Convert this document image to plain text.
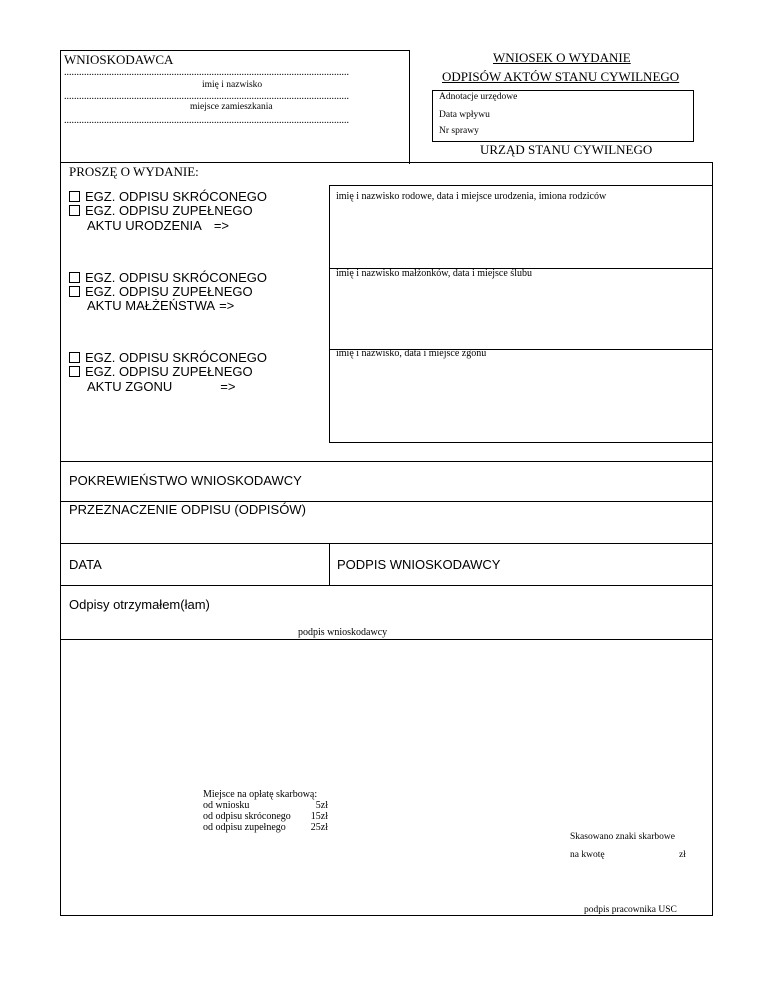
WNIOSKODAWCA
..................................................................................................................
imię i nazwisko
..................................................................................................................
miejsce zamieszkania
..................................................................................................................
WNIOSEK O WYDANIE
ODPISÓW AKTÓW STANU CYWILNEGO
Adnotacje urzędowe
Data wpływu
Nr sprawy
URZĄD STANU CYWILNEGO
PROSZĘ O WYDANIE:
EGZ. ODPISU SKRÓCONEGO
EGZ. ODPISU ZUPEŁNEGO
AKTU URODZENIA =>
imię i nazwisko rodowe, data i miejsce urodzenia, imiona rodziców
EGZ. ODPISU SKRÓCONEGO
EGZ. ODPISU ZUPEŁNEGO
AKTU MAŁŻEŃSTWA =>
imię i nazwisko małżonków, data i miejsce ślubu
EGZ. ODPISU SKRÓCONEGO
EGZ. ODPISU ZUPEŁNEGO
AKTU ZGONU	=>
imię i nazwisko, data i miejsce zgonu
POKREWIEŃSTWO WNIOSKODAWCY
PRZEZNACZENIE ODPISU (ODPISÓW)
DATA	PODPIS WNIOSKODAWCY
Odpisy otrzymałem(łam)
podpis wnioskodawcy
Miejsce na opłatę skarbową:
od wniosku	5zł
od odpisu skróconego 15zł
od odpisu zupełnego	25zł
Skasowano znaki skarbowe
na kwotę	zł
podpis pracownika USC
